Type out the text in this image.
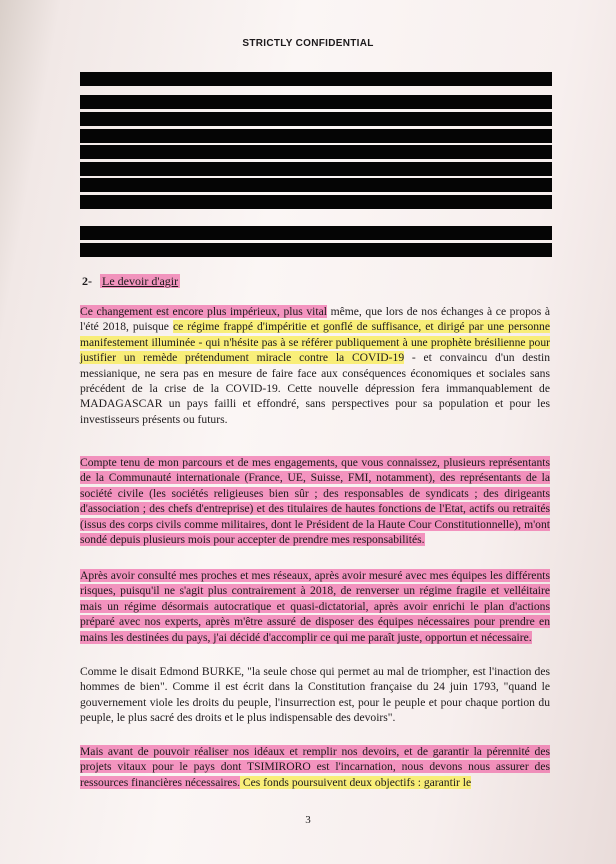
STRICTLY CONFIDENTIAL
2- Le devoir d'agir
Ce changement est encore plus impérieux, plus vital même, que lors de nos échanges à ce propos à l'été 2018, puisque ce régime frappé d'impéritie et gonflé de suffisance, et dirigé par une personne manifestement illuminée - qui n'hésite pas à se référer publiquement à une prophète brésilienne pour justifier un remède prétendument miracle contre la COVID-19 - et convaincu d'un destin messianique, ne sera pas en mesure de faire face aux conséquences économiques et sociales sans précédent de la crise de la COVID-19. Cette nouvelle dépression fera immanquablement de MADAGASCAR un pays failli et effondré, sans perspectives pour sa population et pour les investisseurs présents ou futurs.
Compte tenu de mon parcours et de mes engagements, que vous connaissez, plusieurs représentants de la Communauté internationale (France, UE, Suisse, FMI, notamment), des représentants de la société civile (les sociétés religieuses bien sûr ; des responsables de syndicats ; des dirigeants d'association ; des chefs d'entreprise) et des titulaires de hautes fonctions de l'Etat, actifs ou retraités (issus des corps civils comme militaires, dont le Président de la Haute Cour Constitutionnelle), m'ont sondé depuis plusieurs mois pour accepter de prendre mes responsabilités.
Après avoir consulté mes proches et mes réseaux, après avoir mesuré avec mes équipes les différents risques, puisqu'il ne s'agit plus contrairement à 2018, de renverser un régime fragile et velléitaire mais un régime désormais autocratique et quasi-dictatorial, après avoir enrichi le plan d'actions préparé avec nos experts, après m'être assuré de disposer des équipes nécessaires pour prendre en mains les destinées du pays, j'ai décidé d'accomplir ce qui me paraît juste, opportun et nécessaire.
Comme le disait Edmond BURKE, "la seule chose qui permet au mal de triompher, est l'inaction des hommes de bien". Comme il est écrit dans la Constitution française du 24 juin 1793, "quand le gouvernement viole les droits du peuple, l'insurrection est, pour le peuple et pour chaque portion du peuple, le plus sacré des droits et le plus indispensable des devoirs".
Mais avant de pouvoir réaliser nos idéaux et remplir nos devoirs, et de garantir la pérennité des projets vitaux pour le pays dont TSIMIRORO est l'incarnation, nous devons nous assurer des ressources financières nécessaires. Ces fonds poursuivent deux objectifs : garantir le
3
